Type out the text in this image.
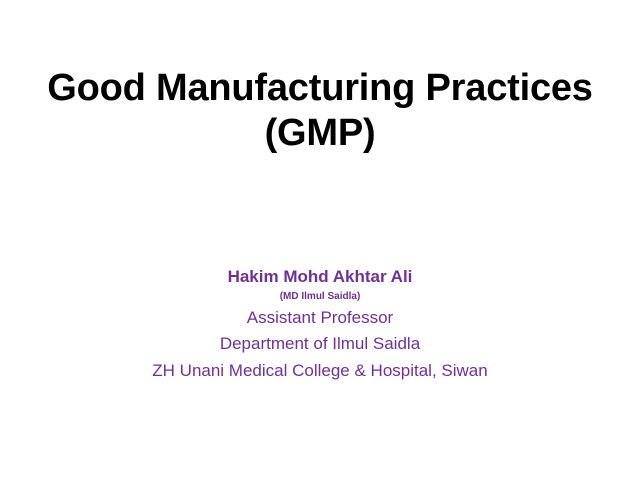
Good Manufacturing Practices
(GMP)
Hakim Mohd Akhtar Ali
(MD Ilmul Saidla)
Assistant Professor
Department of Ilmul Saidla
ZH Unani Medical College & Hospital, Siwan
